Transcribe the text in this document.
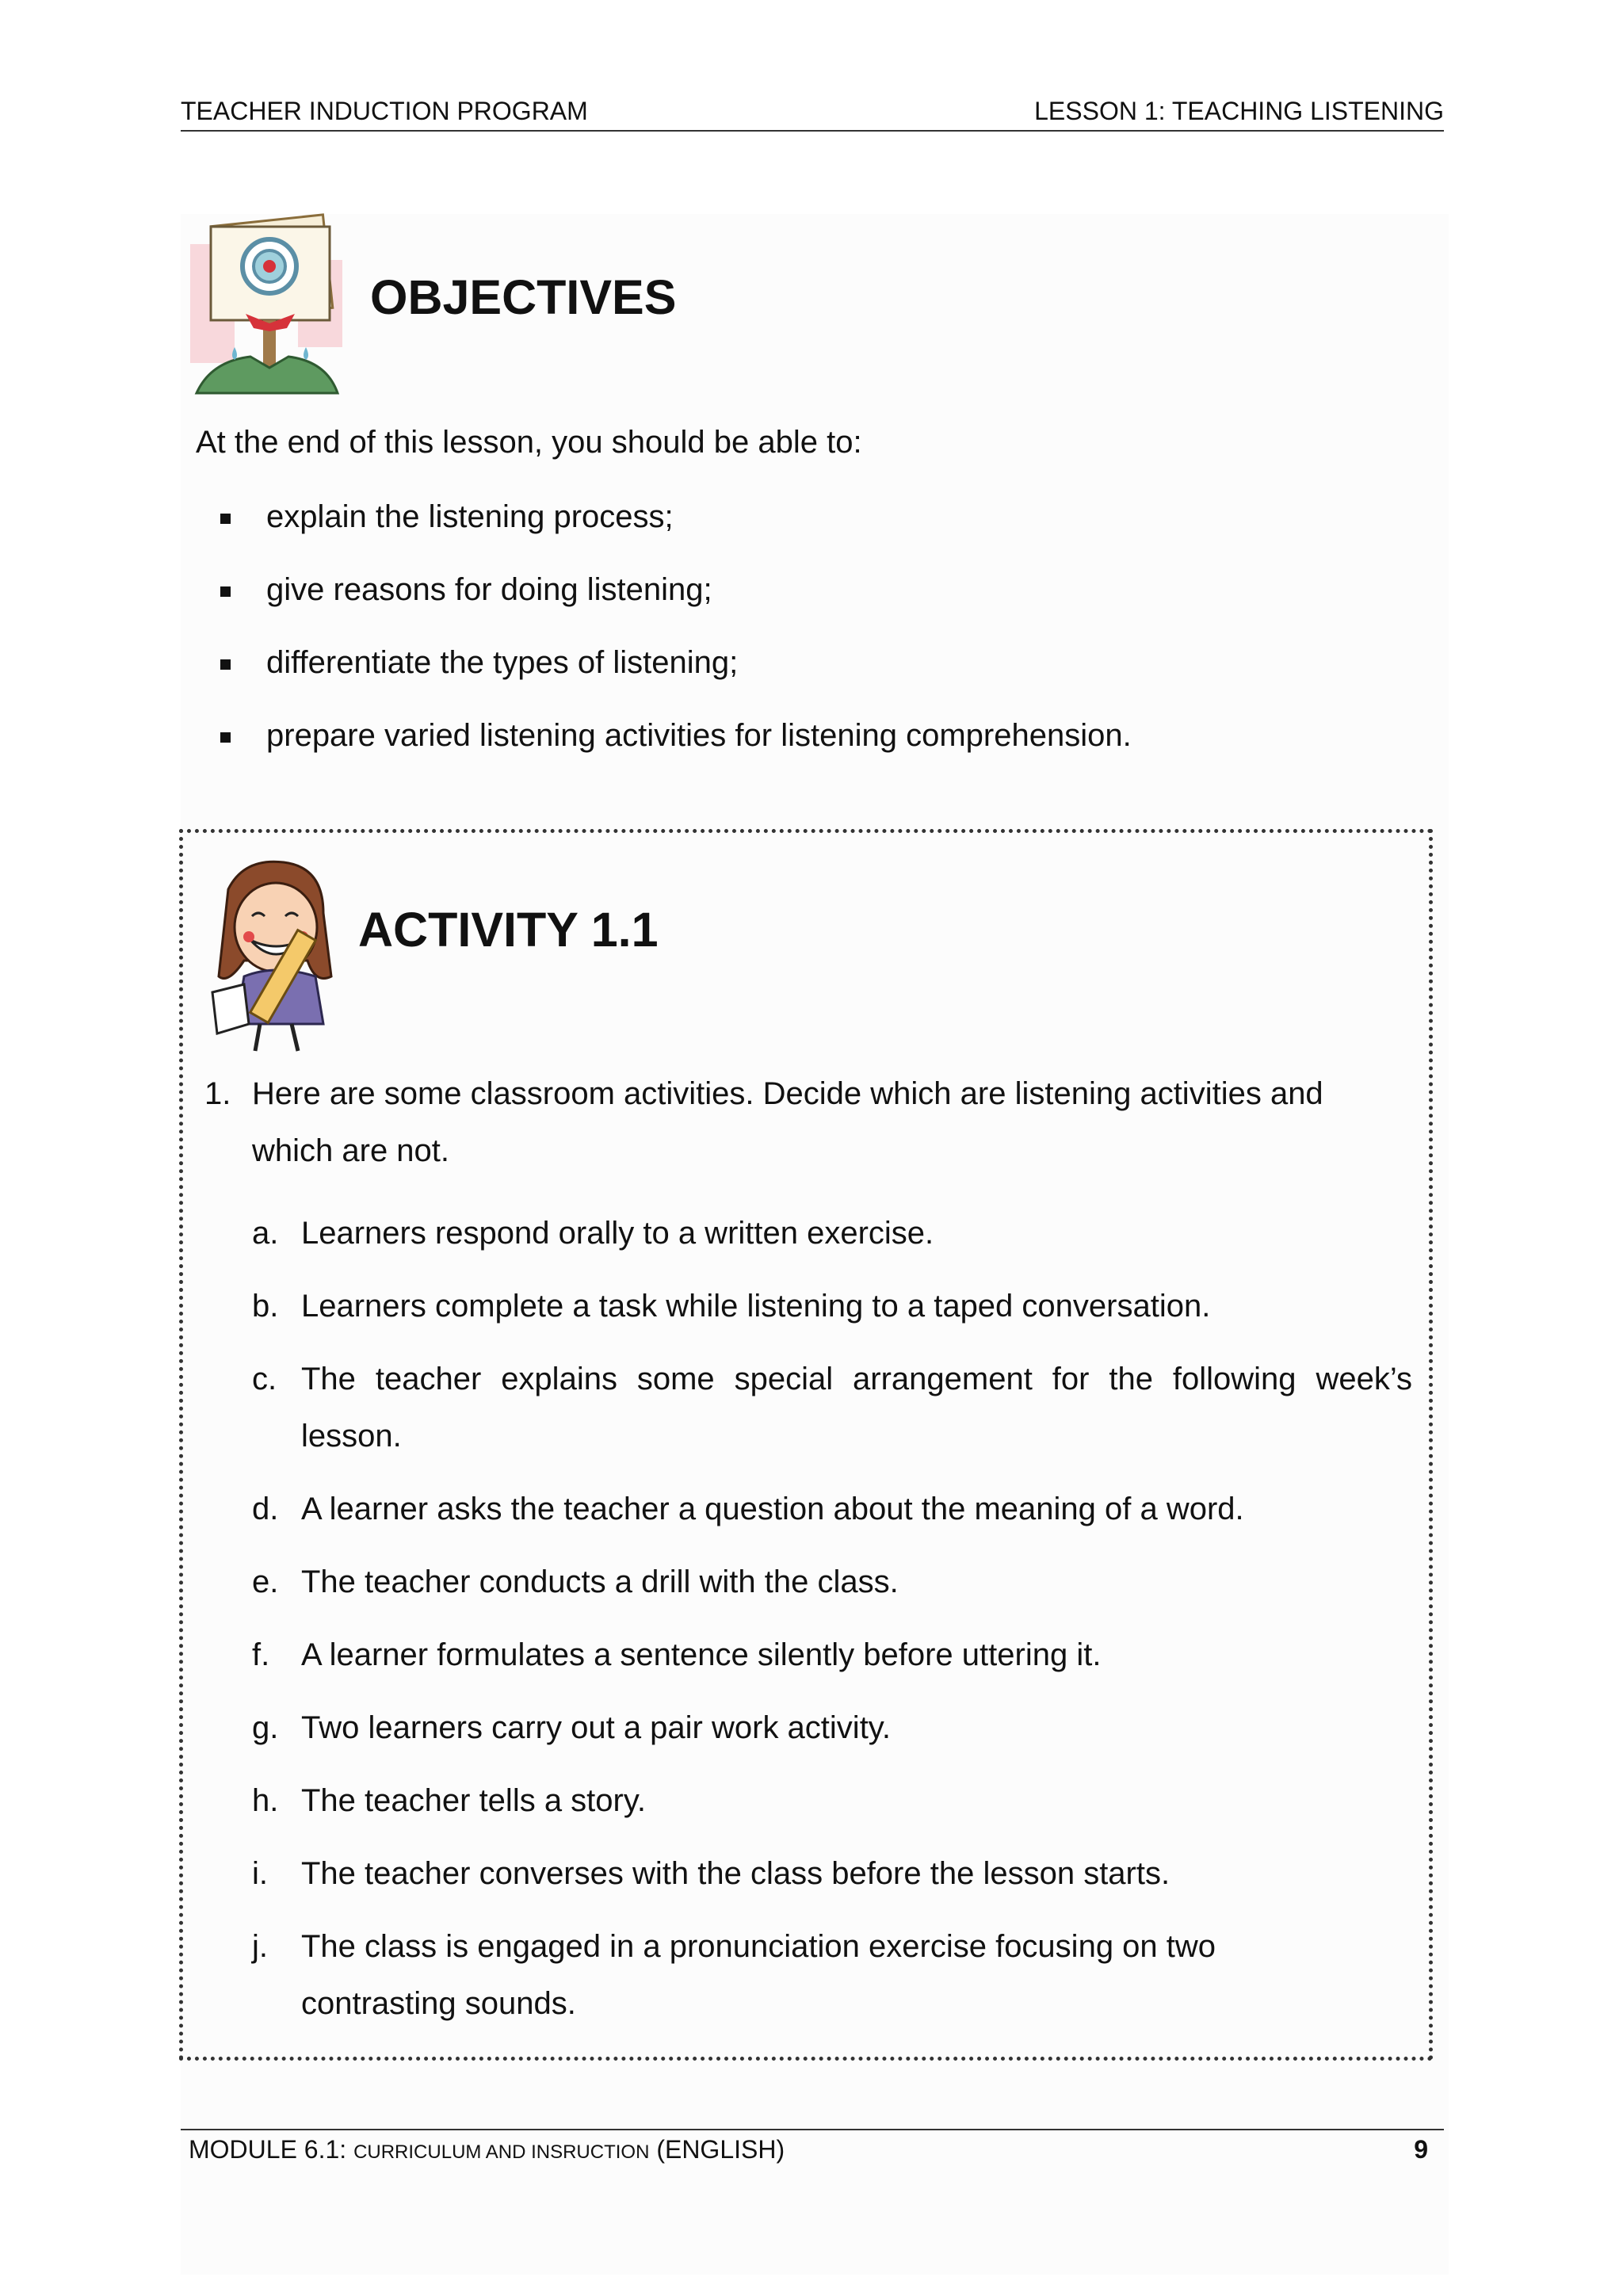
TEACHER INDUCTION PROGRAM	LESSON 1: TEACHING LISTENING
OBJECTIVES

At the end of this lesson, you should be able to:

explain the listening process;
give reasons for doing listening;
differentiate the types of listening;
prepare varied listening activities for listening comprehension.
ACTIVITY 1.1
1. Here are some classroom activities. Decide which are listening activities and
which are not.

a. Learners respond orally to a written exercise.
b. Learners complete a task while listening to a taped conversation.
c. The teacher explains some special arrangement for the following week’s
lesson.
d. A learner asks the teacher a question about the meaning of a word.
e. The teacher conducts a drill with the class.
f. A learner formulates a sentence silently before uttering it.
g. Two learners carry out a pair work activity.
h. The teacher tells a story.
i. The teacher converses with the class before the lesson starts.
j. The class is engaged in a pronunciation exercise focusing on two
contrasting sounds.
MODULE 6.1: CURRICULUM AND INSRUCTION (ENGLISH)	9
